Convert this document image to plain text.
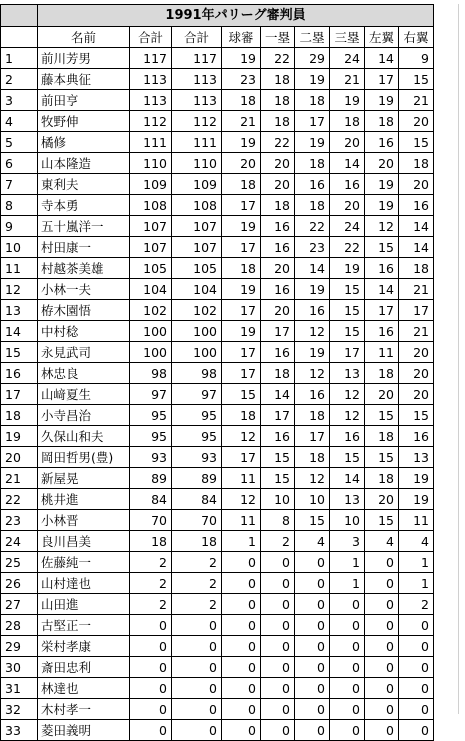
	1991年パリーグ審判員								
	名前	合計	合計	球審	一塁	二塁	三塁	左翼	右翼
1	前川芳男	117	117	19	22	29	24	14	9
2	藤本典征	113	113	23	18	19	21	17	15
3	前田亨	113	113	18	18	18	19	19	21
4	牧野伸	112	112	21	18	17	18	18	20
5	橘修	111	111	19	22	19	20	16	15
6	山本隆造	110	110	20	20	18	14	20	18
7	東利夫	109	109	18	20	16	16	19	20
8	寺本勇	108	108	17	18	18	20	19	16
9	五十嵐洋一	107	107	19	16	22	24	12	14
10	村田康一	107	107	17	16	23	22	15	14
11	村越茶美雄	105	105	18	20	14	19	16	18
12	小林一夫	104	104	19	16	19	15	14	21
13	栫木園悟	102	102	17	20	16	15	17	17
14	中村稔	100	100	19	17	12	15	16	21
15	永見武司	100	100	17	16	19	17	11	20
16	林忠良	98	98	17	18	12	13	18	20
17	山﨑夏生	97	97	15	14	16	12	20	20
18	小寺昌治	95	95	18	17	18	12	15	15
19	久保山和夫	95	95	12	16	17	16	18	16
20	岡田哲男(豊)	93	93	17	15	18	15	15	13
21	新屋晃	89	89	11	15	12	14	18	19
22	桃井進	84	84	12	10	10	13	20	19
23	小林晋	70	70	11	8	15	10	15	11
24	良川昌美	18	18	1	2	4	3	4	4
25	佐藤純一	2	2	0	0	0	1	0	1
26	山村達也	2	2	0	0	0	1	0	1
27	山田進	2	2	0	0	0	0	0	2
28	古堅正一	0	0	0	0	0	0	0	0
29	栄村孝康	0	0	0	0	0	0	0	0
30	斎田忠利	0	0	0	0	0	0	0	0
31	林達也	0	0	0	0	0	0	0	0
32	木村孝一	0	0	0	0	0	0	0	0
33	菱田義明	0	0	0	0	0	0	0	0
